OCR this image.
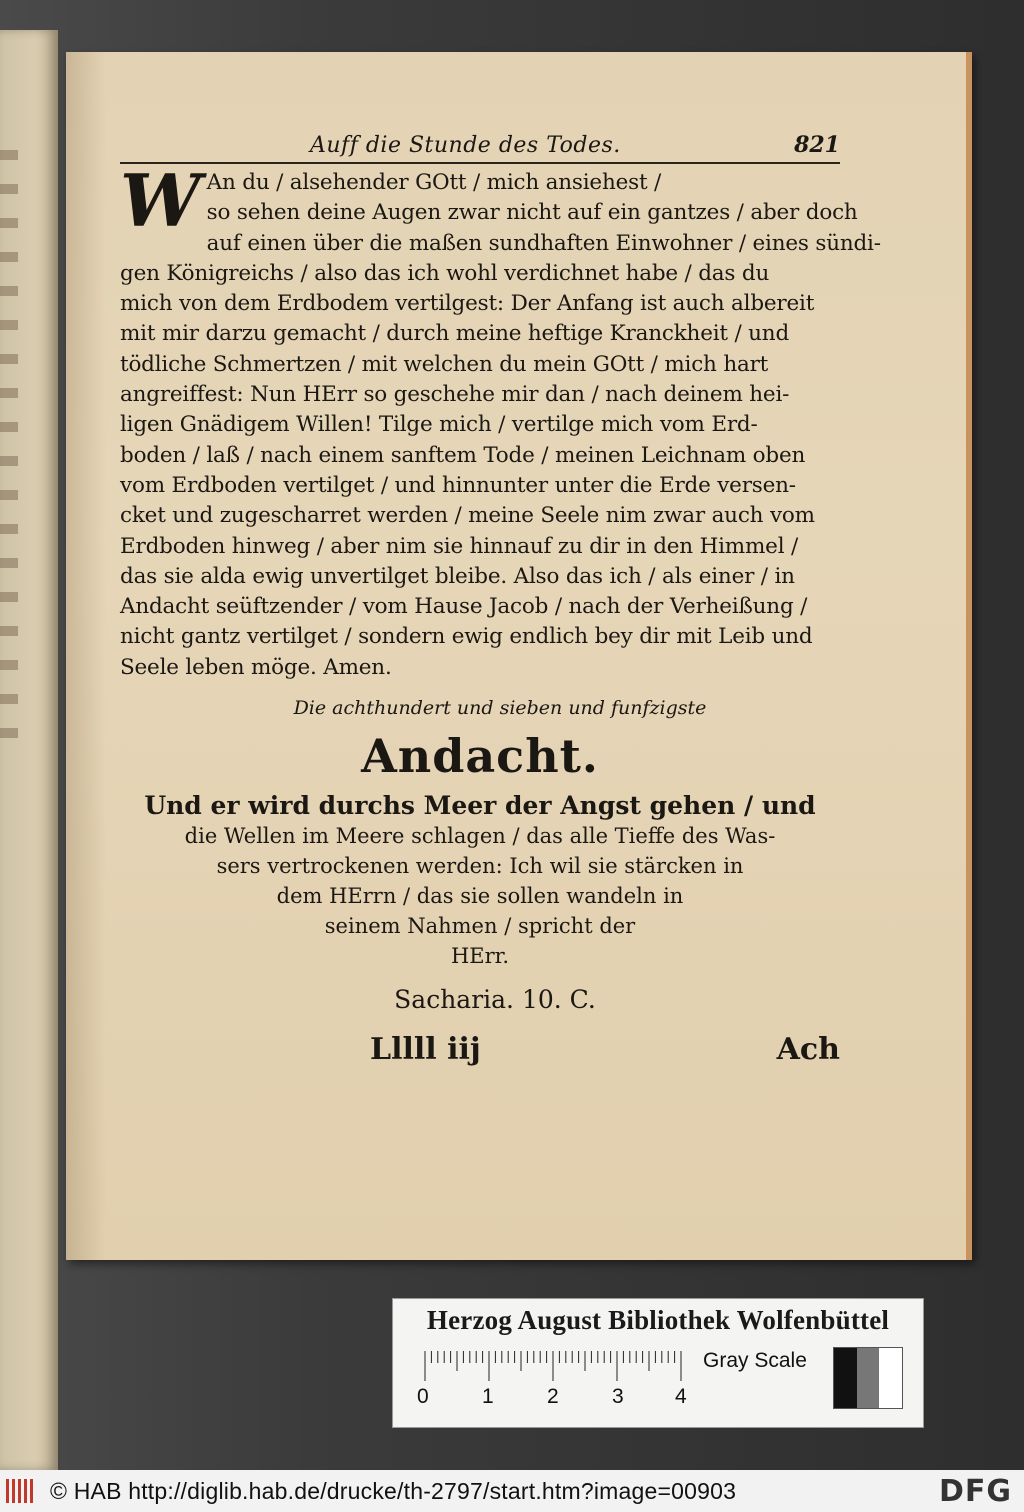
Auff die Stunde des Todes.	821
W An du / alsehender GOtt / mich ansiehest /

so sehen deine Augen zwar nicht auf ein gantzes / aber doch

auf einen über die maßen sundhaften Einwohner / eines sündi-

gen Königreichs / also das ich wohl verdichnet habe / das du

mich von dem Erdbodem vertilgest: Der Anfang ist auch albereit

mit mir darzu gemacht / durch meine heftige Kranckheit / und

tödliche Schmertzen / mit welchen du mein GOtt / mich hart

angreiffest: Nun HErr so geschehe mir dan / nach deinem hei-

ligen Gnädigem Willen! Tilge mich / vertilge mich vom Erd-

boden / laß / nach einem sanftem Tode / meinen Leichnam oben

vom Erdboden vertilget / und hinnunter unter die Erde versen-

cket und zugescharret werden / meine Seele nim zwar auch vom

Erdboden hinweg / aber nim sie hinnauf zu dir in den Himmel /

das sie alda ewig unvertilget bleibe. Also das ich / als einer / in

Andacht seüftzender / vom Hause Jacob / nach der Verheißung /

nicht gantz vertilget / sondern ewig endlich bey dir mit Leib und

Seele leben möge. Amen.

Die achthundert und sieben und funfzigste
Andacht.

Und er wird durchs Meer der Angst gehen / und

die Wellen im Meere schlagen / das alle Tieffe des Was-

sers vertrockenen werden: Ich wil sie stärcken in

dem HErrn / das sie sollen wandeln in

seinem Nahmen / spricht der

HErr.

Sacharia. 10. C.
Lllll iij	Ach
Herzog August Bibliothek Wolfenbüttel
0	1	2	3 4
Gray Scale
© HAB http://diglib.hab.de/drucke/th-2797/start.htm?image=00903	DFG
